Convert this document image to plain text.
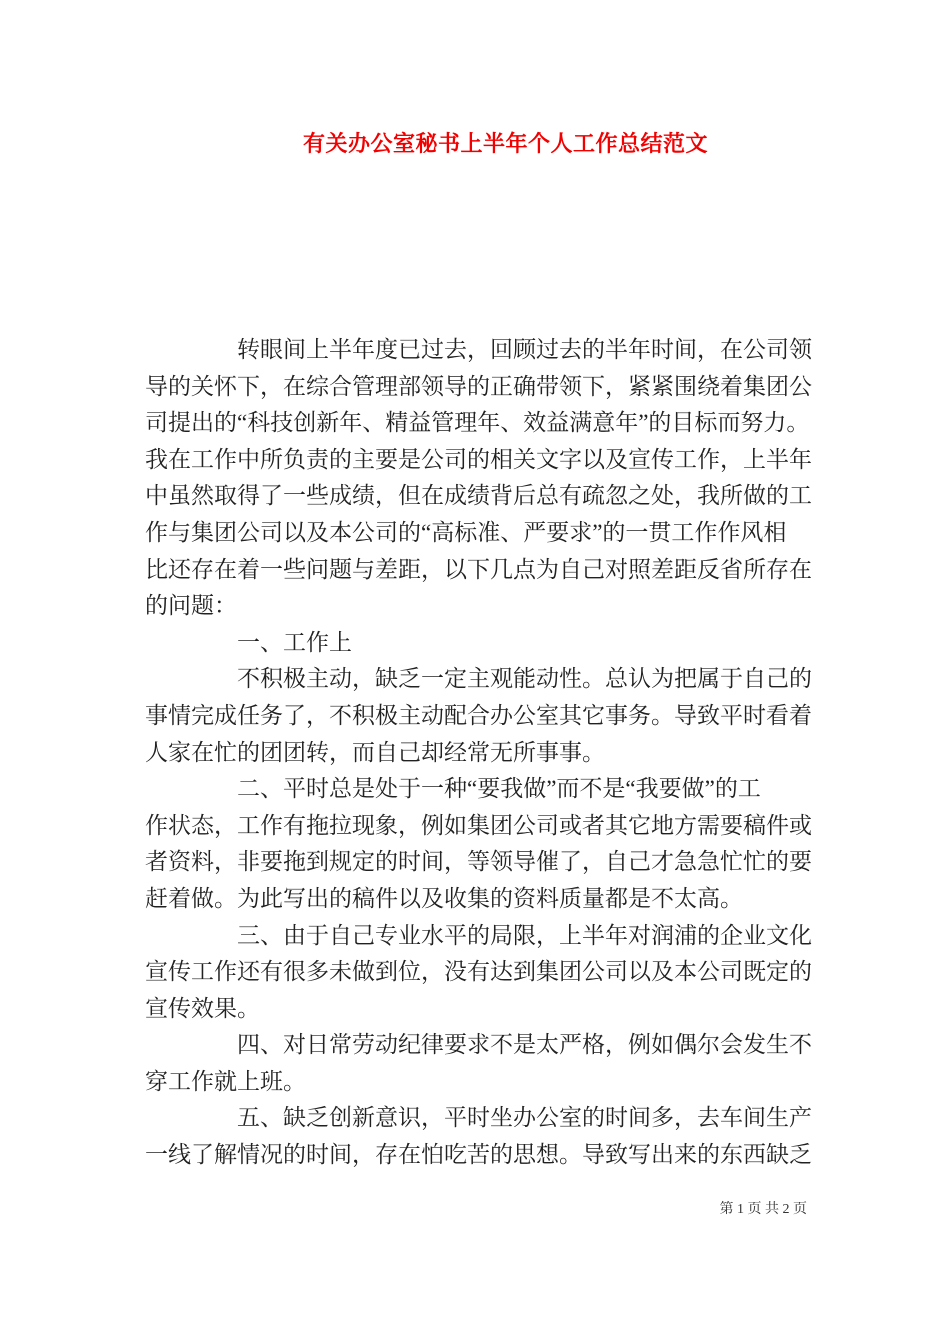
有关办公室秘书上半年个人工作总结范文
转眼间上半年度已过去，回顾过去的半年时间，在公司领
导的关怀下，在综合管理部领导的正确带领下，紧紧围绕着集团公
司提出的“科技创新年、精益管理年、效益满意年”的目标而努力。
我在工作中所负责的主要是公司的相关文字以及宣传工作，上半年
中虽然取得了一些成绩，但在成绩背后总有疏忽之处，我所做的工
作与集团公司以及本公司的“高标准、严要求”的一贯工作作风相
比还存在着一些问题与差距，以下几点为自己对照差距反省所存在
的问题：
一、工作上
不积极主动，缺乏一定主观能动性。总认为把属于自己的
事情完成任务了，不积极主动配合办公室其它事务。导致平时看着
人家在忙的团团转，而自己却经常无所事事。
二、平时总是处于一种“要我做”而不是“我要做”的工
作状态，工作有拖拉现象，例如集团公司或者其它地方需要稿件或
者资料，非要拖到规定的时间，等领导催了，自己才急急忙忙的要
赶着做。为此写出的稿件以及收集的资料质量都是不太高。
三、由于自己专业水平的局限，上半年对润浦的企业文化
宣传工作还有很多未做到位，没有达到集团公司以及本公司既定的
宣传效果。
四、对日常劳动纪律要求不是太严格，例如偶尔会发生不
穿工作就上班。
五、缺乏创新意识，平时坐办公室的时间多，去车间生产
一线了解情况的时间，存在怕吃苦的思想。导致写出来的东西缺乏
第 1 页 共 2 页
